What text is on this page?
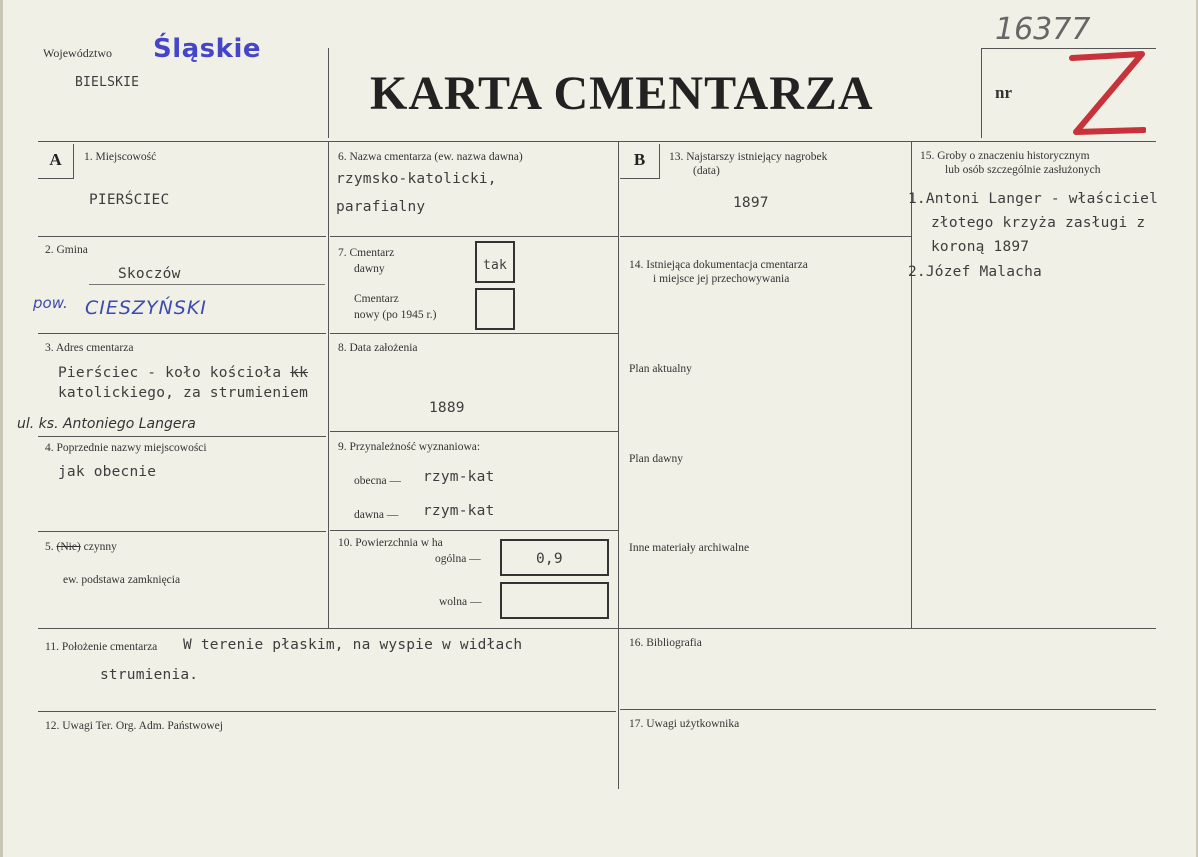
Województwo Śląskie
BIELSKIE	KARTA CMENTARZA	nr
16377
A	1. Miejscowość
PIERŚCIEC
2. Gmina
Skoczów
pow. CIESZYŃSKI
3. Adres cmentarza
Pierściec - koło kościoła kk
katolickiego, za strumieniem
ul. ks. Antoniego Langera
4. Poprzednie nazwy miejscowości
jak obecnie
5. (Nie) czynny
ew. podstawa zamknięcia
6. Nazwa cmentarza (ew. nazwa dawna)
rzymsko-katolicki,
parafialny
7. Cmentarz
dawny	tak
Cmentarz
nowy (po 1945 r.)
8. Data założenia
1889
9. Przynależność wyznaniowa:
obecna — rzym-kat
dawna — rzym-kat
10. Powierzchnia w ha
ogólna —	0,9
wolna —
B	13. Najstarszy istniejący nagrobek
(data)
1897
14. Istniejąca dokumentacja cmentarza
i miejsce jej przechowywania
Plan aktualny
Plan dawny
Inne materiały archiwalne
15. Groby o znaczeniu historycznym
lub osób szczególnie zasłużonych
1.Antoni Langer - właściciel
złotego krzyża zasługi z
koroną 1897
2.Józef Malacha
11. Położenie cmentarza W terenie płaskim, na wyspie w widłach
strumienia.
12. Uwagi Ter. Org. Adm. Państwowej
16. Bibliografia
17. Uwagi użytkownika
